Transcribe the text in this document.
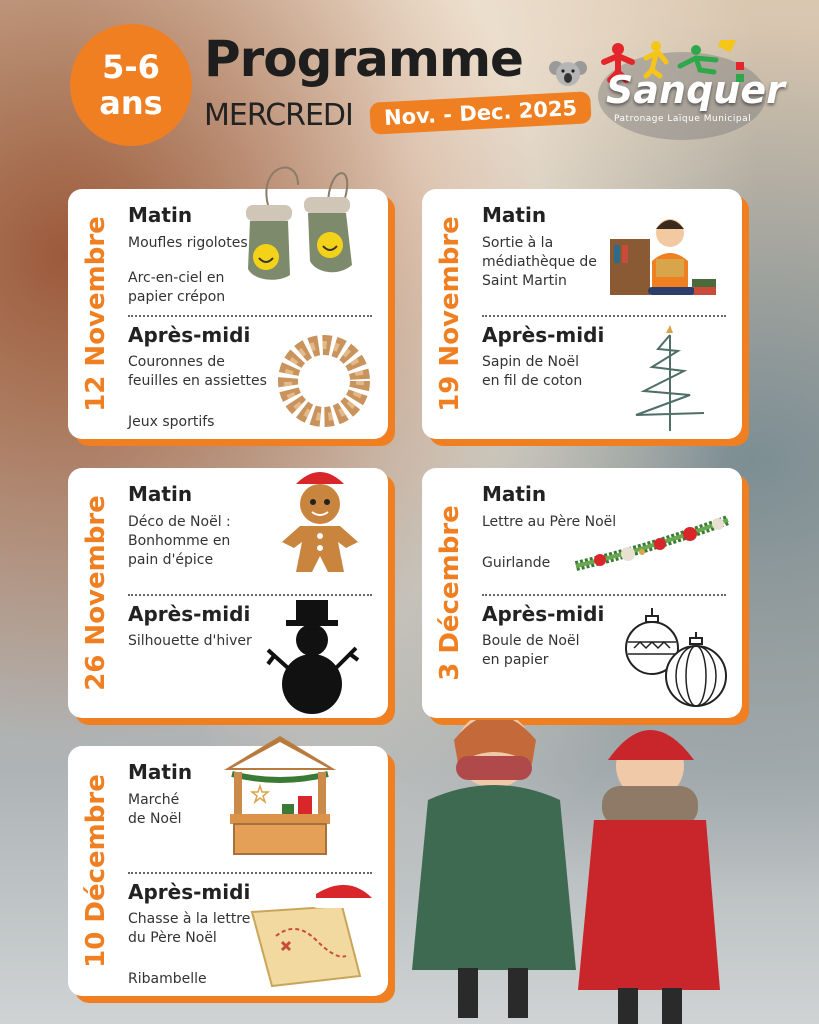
5-6
ans
Programme
MERCREDI	Nov. - Dec. 2025
Sanquer
Patronage Laïque Municipal
12 Novembre
Matin
Moufles rigolotes
Arc-en-ciel en papier crépon
Après-midi
Couronnes de feuilles en assiettes
Jeux sportifs
19 Novembre
Matin
Sortie à la médiathèque de Saint Martin
Après-midi
Sapin de Noël en fil de coton
26 Novembre
Matin
Déco de Noël : Bonhomme en pain d'épice
Après-midi
Silhouette d'hiver	3 Décembre
Matin
Lettre au Père Noël
Guirlande
Après-midi
Boule de Noël en papier
10 Décembre
Matin
Marché de Noël
Après-midi
Chasse à la lettre du Père Noël
Ribambelle
